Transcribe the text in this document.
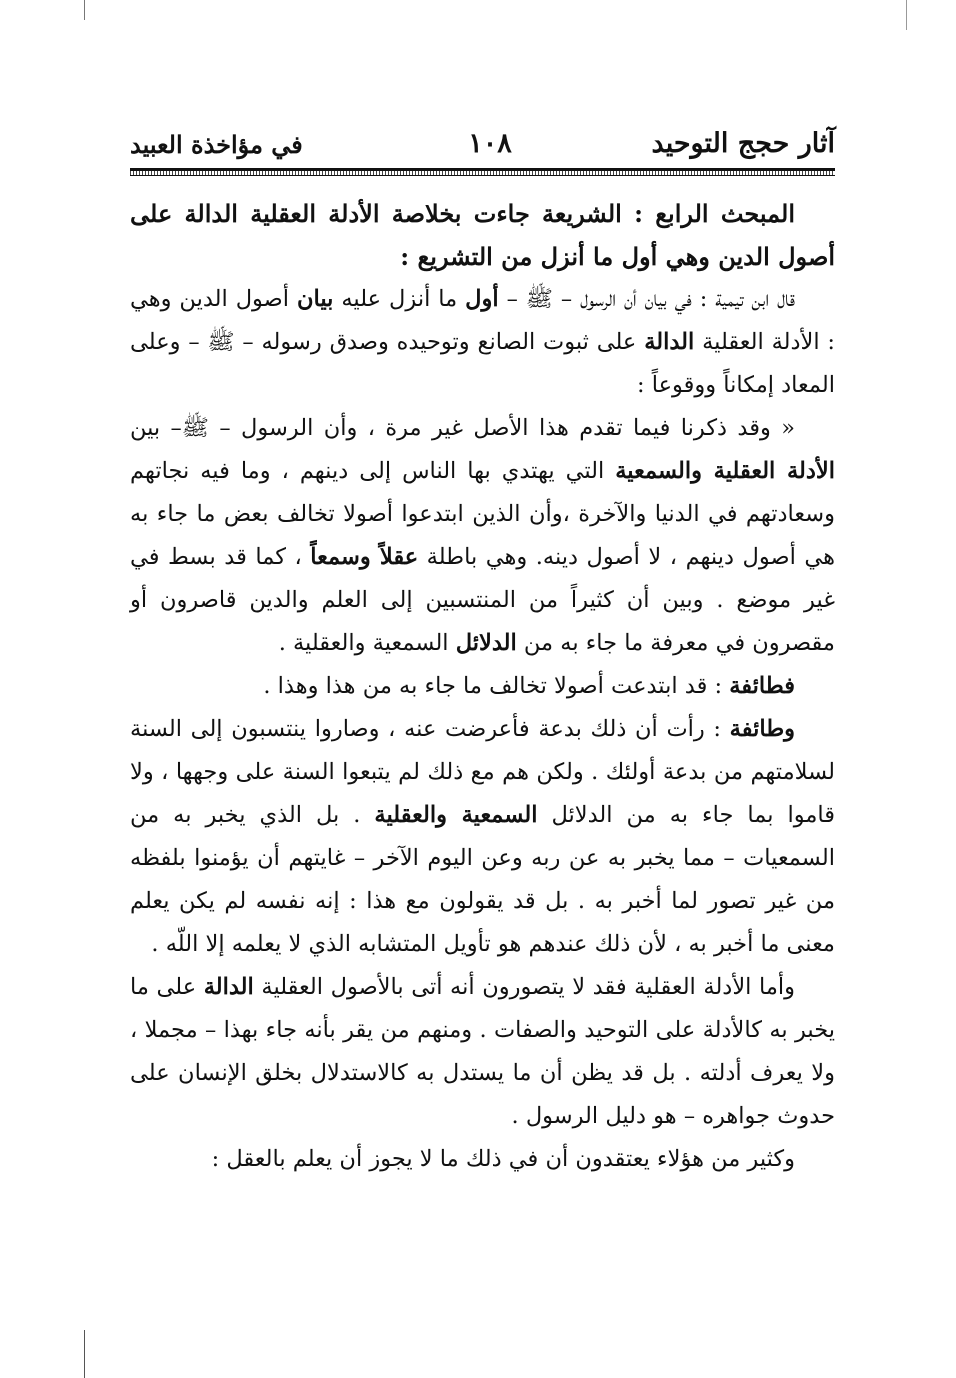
آثار حجج التوحيد
١٠٨
في مؤاخذة العبيد

المبحث الرابع : الشريعة جاءت بخلاصة الأدلة العقلية الدالة على أصول الدين وهي أول ما أنزل من التشريع :

قال ابن تيمية : في بيان أن الرسول – ﷺ – أول ما أنزل عليه بيان أصول الدين وهي : الأدلة العقلية الدالة على ثبوت الصانع وتوحيده وصدق رسوله – ﷺ – وعلى المعاد إمكاناً ووقوعاً :

« وقد ذكرنا فيما تقدم هذا الأصل غير مرة ، وأن الرسول – ﷺ– بين الأدلة العقلية والسمعية التي يهتدي بها الناس إلى دينهم ، وما فيه نجاتهم وسعادتهم في الدنيا والآخرة ،وأن الذين ابتدعوا أصولا تخالف بعض ما جاء به هي أصول دينهم ، لا أصول دينه. وهي باطلة عقلاً وسمعاً ، كما قد بسط في غير موضع . وبين أن كثيراً من المنتسبين إلى العلم والدين قاصرون أو مقصرون في معرفة ما جاء به من الدلائل السمعية والعقلية .

فطائفة : قد ابتدعت أصولا تخالف ما جاء به من هذا وهذا .

وطائفة : رأت أن ذلك بدعة فأعرضت عنه ، وصاروا ينتسبون إلى السنة لسلامتهم من بدعة أولئك . ولكن هم مع ذلك لم يتبعوا السنة على وجهها ، ولا قاموا بما جاء به من الدلائل السمعية والعقلية . بل الذي يخبر به من السمعيات – مما يخبر به عن ربه وعن اليوم الآخر – غايتهم أن يؤمنوا بلفظه من غير تصور لما أخبر به . بل قد يقولون مع هذا : إنه نفسه لم يكن يعلم معنى ما أخبر به ، لأن ذلك عندهم هو تأويل المتشابه الذي لا يعلمه إلا اللّه .

وأما الأدلة العقلية فقد لا يتصورون أنه أتى بالأصول العقلية الدالة على ما يخبر به كالأدلة على التوحيد والصفات . ومنهم من يقر بأنه جاء بهذا – مجملا ، ولا يعرف أدلته . بل قد يظن أن ما يستدل به كالاستدلال بخلق الإنسان على حدوث جواهره – هو دليل الرسول .

وكثير من هؤلاء يعتقدون أن في ذلك ما لا يجوز أن يعلم بالعقل :
